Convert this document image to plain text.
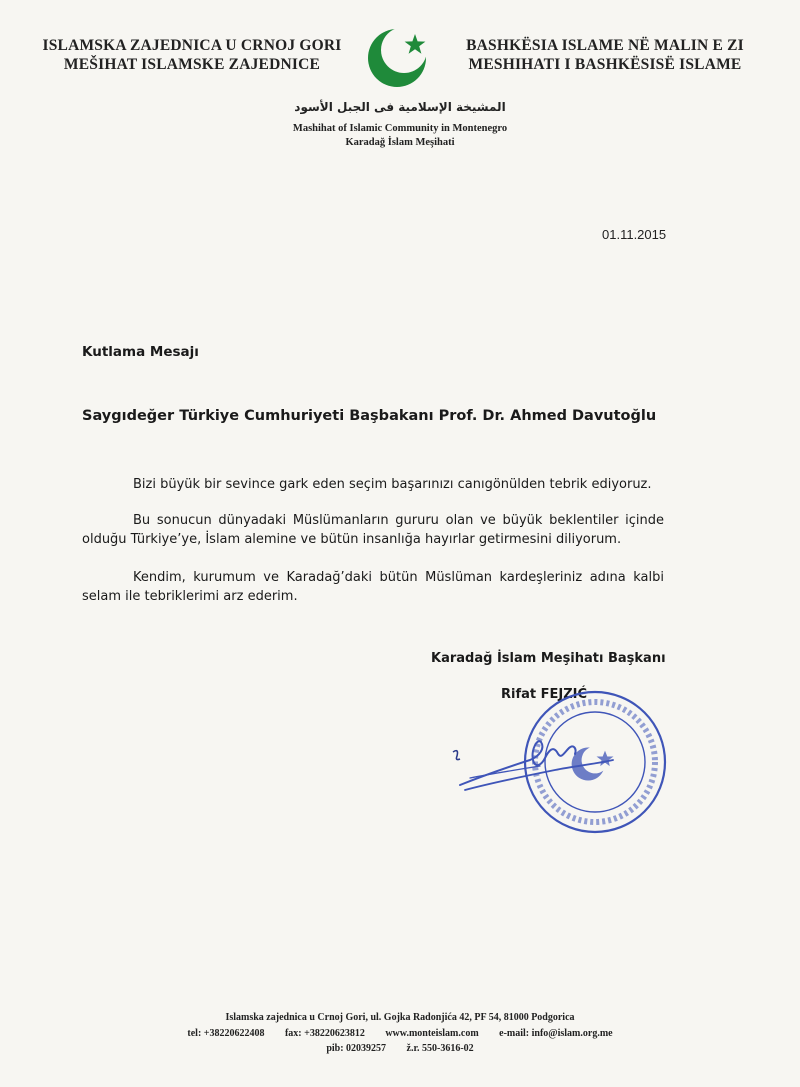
ISLAMSKA ZAJEDNICA U CRNOJ GORI
MEŠIHAT ISLAMSKE ZAJEDNICE
BASHKËSIA ISLAME NË MALIN E ZI
MESHIHATI I BASHKËSISË ISLAME
المشيخة الإسلامية فى الجبل الأسود
Mashihat of Islamic Community in Montenegro
Karadağ İslam Meşihati
01.11.2015
Kutlama Mesajı
Saygıdeğer Türkiye Cumhuriyeti Başbakanı Prof. Dr. Ahmed Davutoğlu
Bizi büyük bir sevince gark eden seçim başarınızı canıgönülden tebrik ediyoruz.
Bu sonucun dünyadaki Müslümanların gururu olan ve büyük beklentiler içinde olduğu Türkiye’ye, İslam alemine ve bütün insanlığa hayırlar getirmesini diliyorum.
Kendim, kurumum ve Karadağ’daki bütün Müslüman kardeşleriniz adına kalbi selam ile tebriklerimi arz ederim.
Karadağ İslam Meşihatı Başkanı
Rifat FEJZIĆ
Islamska zajednica u Crnoj Gori, ul. Gojka Radonjića 42, PF 54, 81000 Podgorica
tel: +38220622408 fax: +38220623812 www.monteislam.com e-mail: info@islam.org.me
pib: 02039257 ž.r. 550-3616-02
